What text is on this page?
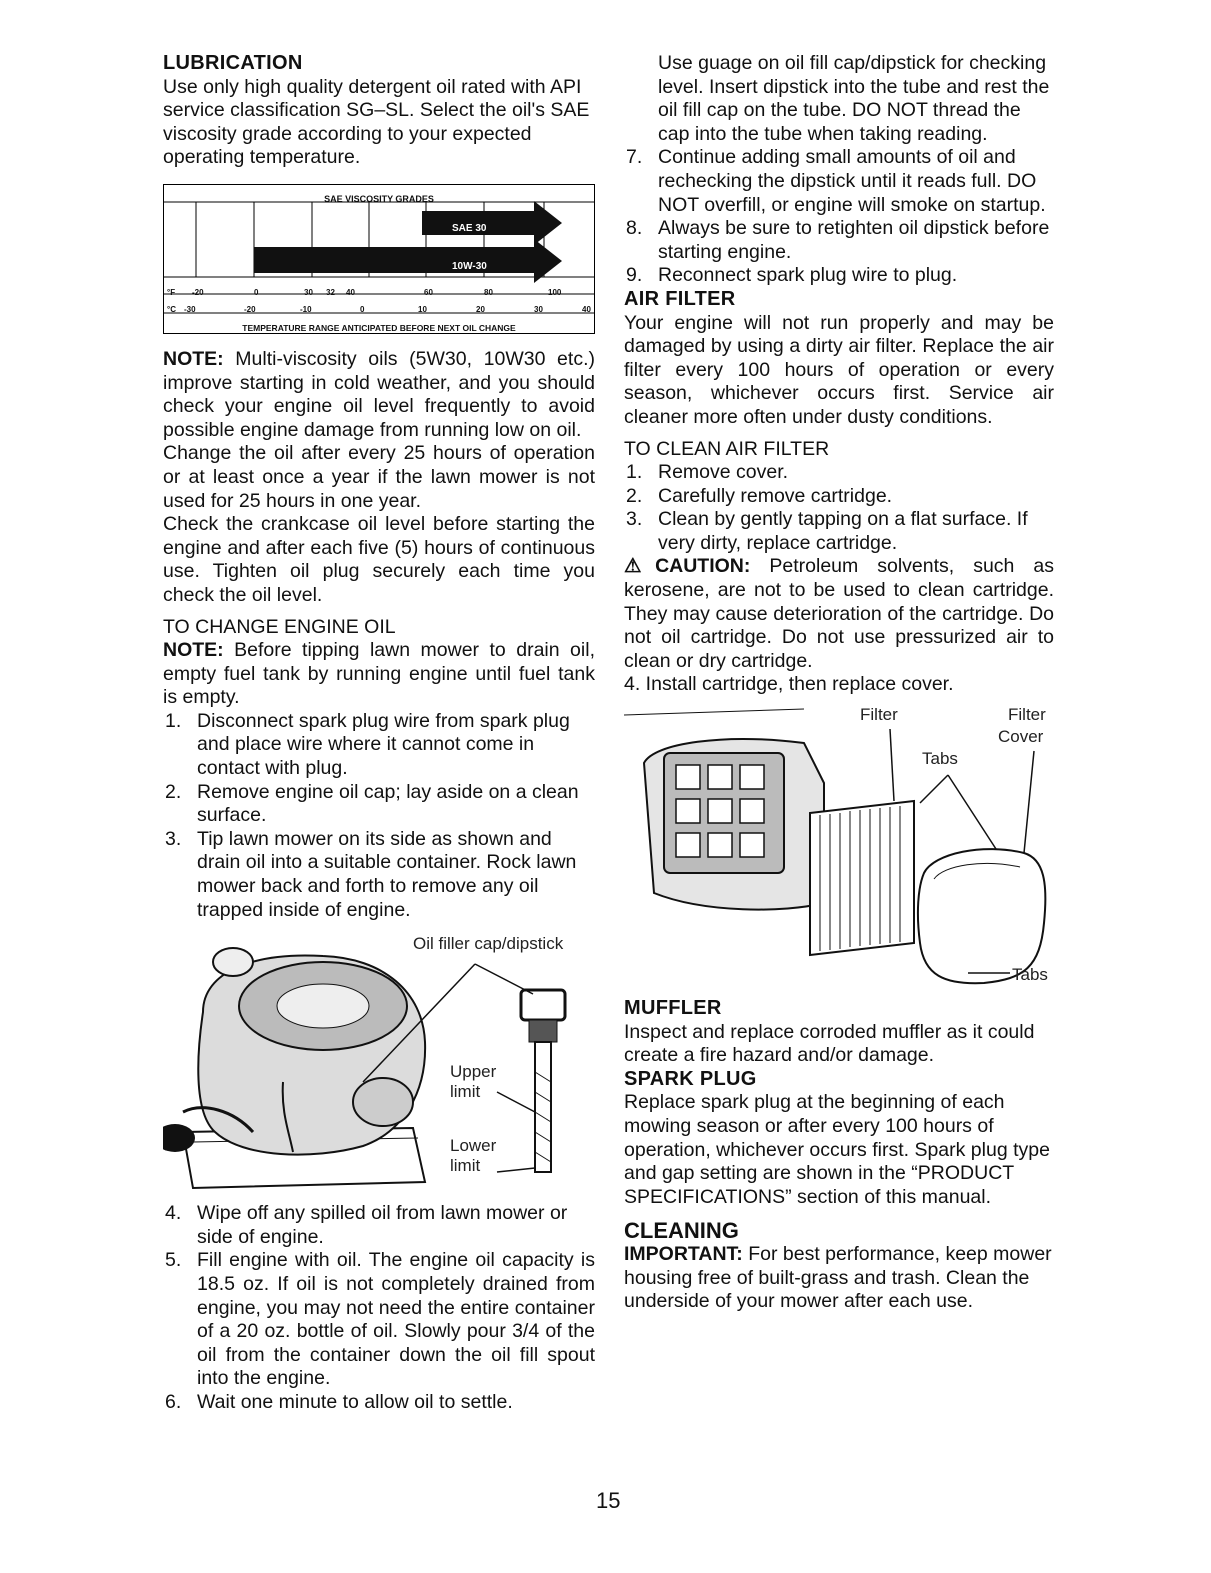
LUBRICATION

Use only high quality detergent oil rated with API service classification SG–SL. Select the oil's SAE viscosity grade according to your expected operating temperature.

SAE VISCOSITY GRADES
SAE 30
10W-30
°F -20	0	30 32 40	60	80	100
°C -30	-20	-10	0	10	20	30	40
TEMPERATURE RANGE ANTICIPATED BEFORE NEXT OIL CHANGE

NOTE: Multi-viscosity oils (5W30, 10W30 etc.) improve starting in cold weather, and you should check your engine oil level frequently to avoid possible engine damage from running low on oil.

Change the oil after every 25 hours of operation or at least once a year if the lawn mower is not used for 25 hours in one year.

Check the crankcase oil level before starting the engine and after each five (5) hours of continuous use. Tighten oil plug securely each time you check the oil level.

TO CHANGE ENGINE OIL

NOTE: Before tipping lawn mower to drain oil, empty fuel tank by running engine until fuel tank is empty.

1. Disconnect spark plug wire from spark plug and place wire where it cannot come in contact with plug.
2. Remove engine oil cap; lay aside on a clean surface.
3. Tip lawn mower on its side as shown and drain oil into a suitable container. Rock lawn mower back and forth to remove any oil trapped inside of engine.
Oil filler cap/dipstick
Upper
limit
Lower
limit
4. Wipe off any spilled oil from lawn mower or side of engine.
5. Fill engine with oil. The engine oil capacity is 18.5 oz. If oil is not completely drained from engine, you may not need the entire container of a 20 oz. bottle of oil. Slowly pour 3/4 of the oil from the container down the oil fill spout into the engine.
6. Wait one minute to allow oil to settle.

Use guage on oil fill cap/dipstick for checking level. Insert dipstick into the tube and rest the oil fill cap on the tube. DO NOT thread the cap into the tube when taking reading.

7. Continue adding small amounts of oil and rechecking the dipstick until it reads full. DO NOT overfill, or engine will smoke on startup.
8. Always be sure to retighten oil dipstick before starting engine.
9. Reconnect spark plug wire to plug.

AIR FILTER

Your engine will not run properly and may be damaged by using a dirty air filter. Replace the air filter every 100 hours of operation or every season, whichever occurs first. Service air cleaner more often under dusty conditions.

TO CLEAN AIR FILTER

1. Remove cover.
2. Carefully remove cartridge.
3. Clean by gently tapping on a flat surface. If very dirty, replace cartridge.

⚠CAUTION: Petroleum solvents, such as kerosene, are not to be used to clean cartridge. They may cause deterioration of the cartridge. Do not oil cartridge. Do not use pressurized air to clean or dry cartridge.

4. Install cartridge, then replace cover.

Filter	Filter
Cover
Tabs
Tabs

MUFFLER

Inspect and replace corroded muffler as it could create a fire hazard and/or damage.

SPARK PLUG

Replace spark plug at the beginning of each mowing season or after every 100 hours of operation, whichever occurs first. Spark plug type and gap setting are shown in the “PRODUCT SPECIFICATIONS” section of this manual.

CLEANING

IMPORTANT: For best performance, keep mower housing free of built-grass and trash. Clean the underside of your mower after each use.

15
